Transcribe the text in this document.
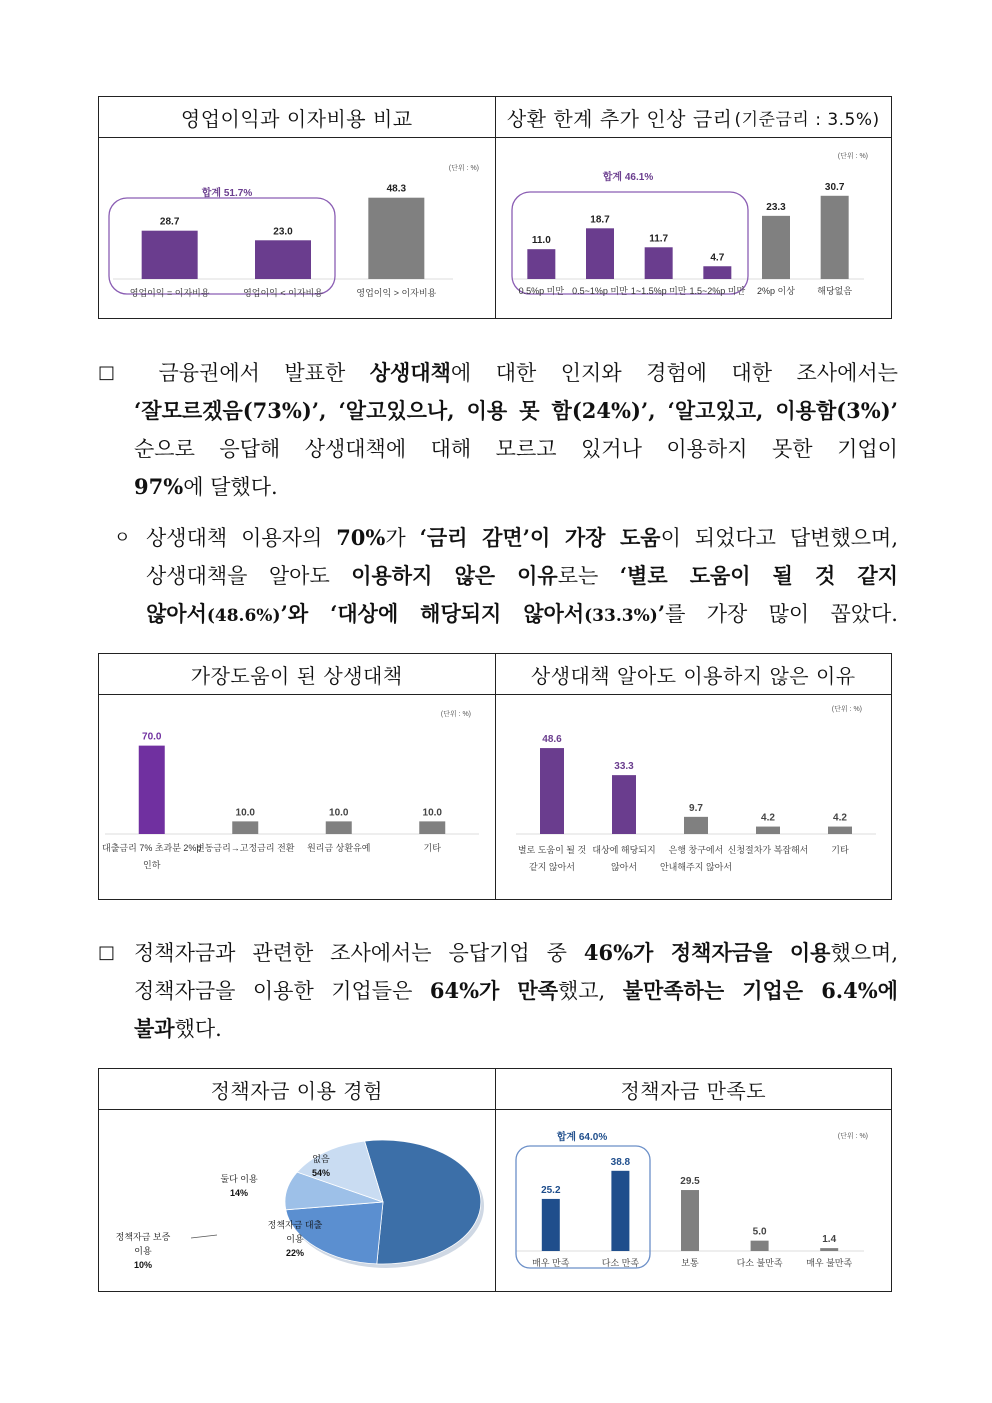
영업이익과 이자비용 비교	상환 한계 추가 인상 금리 (기준금리 : 3.5%)
(단위 : %)
합계 51.7%
28.7
영업이익 = 이자비용
23.0
영업이익 < 이자비용
48.3
영업이익 > 이자비용
(단위 : %)
합계 46.1%
11.0
0.5%p 미만
18.7
0.5~1%p 미만
11.7
1~1.5%p 미만
4.7
1.5~2%p 미만
23.3
2%p 이상
30.7
해당없음
□	금융권에서 발표한 상생대책에 대한 인지와 경험에 대한 조사에서는
‘잘모르겠음(73%)’, ‘알고있으나, 이용 못 함(24%)’, ‘알고있고, 이용함(3%)’
순으로 응답해 상생대책에 대해 모르고 있거나 이용하지 못한 기업이
97% 에 달했다.
ㅇ 상생대책 이용자의 70%가 ‘금리 감면’이 가장 도움이 되었다고 답변했으며,
상생대책을 알아도 이용하지 않은 이유로는 ‘별로 도움이 될 것 같지
않아서(48.6%)’와 ‘대상에 해당되지 않아서(33.3%)’를 가장 많이 꼽았다.
가장도움이 된 상생대책	상생대책 알아도 이용하지 않은 이유
(단위 : %)
70.0
대출금리 7% 초과분 2%p
인하
10.0
변동금리→고정금리 전환
10.0
원리금 상환유예
10.0
기타
(단위 : %)
48.6
별로 도움이 될 것
같지 않아서
33.3
대상에 해당되지
않아서
9.7
은행 창구에서
안내해주지 않아서
4.2
신청절차가 복잡해서
4.2
기타
□ 정책자금과 관련한 조사에서는 응답기업 중 46%가 정책자금을 이용했으며,
정책자금을 이용한 기업들은 64%가 만족했고, 불만족하는 기업은 6.4%에
불과 했다.
정책자금 이용 경험	정책자금 만족도
없음
54%
정책자금 대출
이용
22%
정책자금 보증
이용
10%
둘다 이용
14%
(단위 : %)
합계 64.0%
25.2
매우 만족
38.8
다소 만족
29.5
보통
5.0
다소 불만족
1.4
매우 불만족
